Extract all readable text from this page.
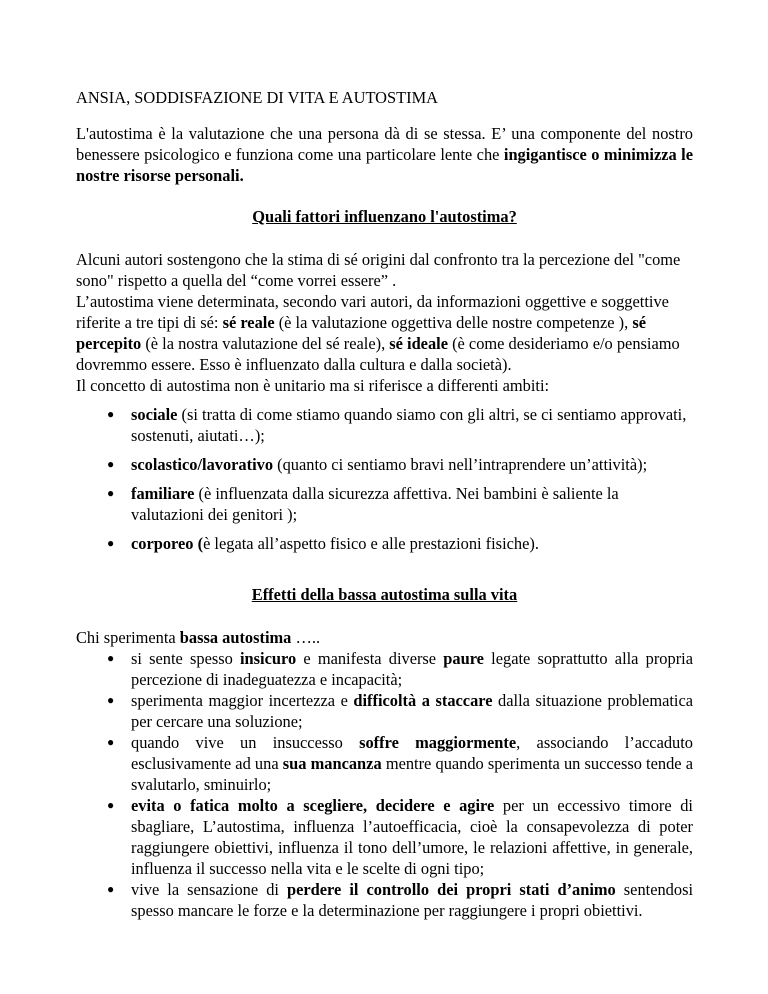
ANSIA, SODDISFAZIONE DI VITA E AUTOSTIMA

L'autostima è la valutazione che una persona dà di se stessa. E’ una componente del nostro benessere psicologico e funziona come una particolare lente che ingigantisce o minimizza le nostre risorse personali.

Quali fattori influenzano l'autostima?

Alcuni autori sostengono che la stima di sé origini dal confronto tra la percezione del "come sono" rispetto a quella del “come vorrei essere” .

L’autostima viene determinata, secondo vari autori, da informazioni oggettive e soggettive riferite a tre tipi di sé: sé reale (è la valutazione oggettiva delle nostre competenze ), sé percepito (è la nostra valutazione del sé reale), sé ideale (è come desideriamo e/o pensiamo dovremmo essere. Esso è influenzato dalla cultura e dalla società).

Il concetto di autostima non è unitario ma si riferisce a differenti ambiti:

● sociale (si tratta di come stiamo quando siamo con gli altri, se ci sentiamo approvati, sostenuti, aiutati…);
● scolastico/lavorativo (quanto ci sentiamo bravi nell’intraprendere un’attività);
● familiare (è influenzata dalla sicurezza affettiva. Nei bambini è saliente la valutazioni dei genitori );
● corporeo (è legata all’aspetto fisico e alle prestazioni fisiche).

Effetti della bassa autostima sulla vita

Chi sperimenta bassa autostima …..

● si sente spesso insicuro e manifesta diverse paure legate soprattutto alla propria percezione di inadeguatezza e incapacità;
● sperimenta maggior incertezza e difficoltà a staccare dalla situazione problematica per cercare una soluzione;
● quando vive un insuccesso soffre maggiormente, associando l’accaduto esclusivamente ad una sua mancanza mentre quando sperimenta un successo tende a svalutarlo, sminuirlo;
● evita o fatica molto a scegliere, decidere e agire per un eccessivo timore di sbagliare, L’autostima, influenza l’autoefficacia, cioè la consapevolezza di poter raggiungere obiettivi, influenza il tono dell’umore, le relazioni affettive, in generale, influenza il successo nella vita e le scelte di ogni tipo;
● vive la sensazione di perdere il controllo dei propri stati d’animo sentendosi spesso mancare le forze e la determinazione per raggiungere i propri obiettivi.
